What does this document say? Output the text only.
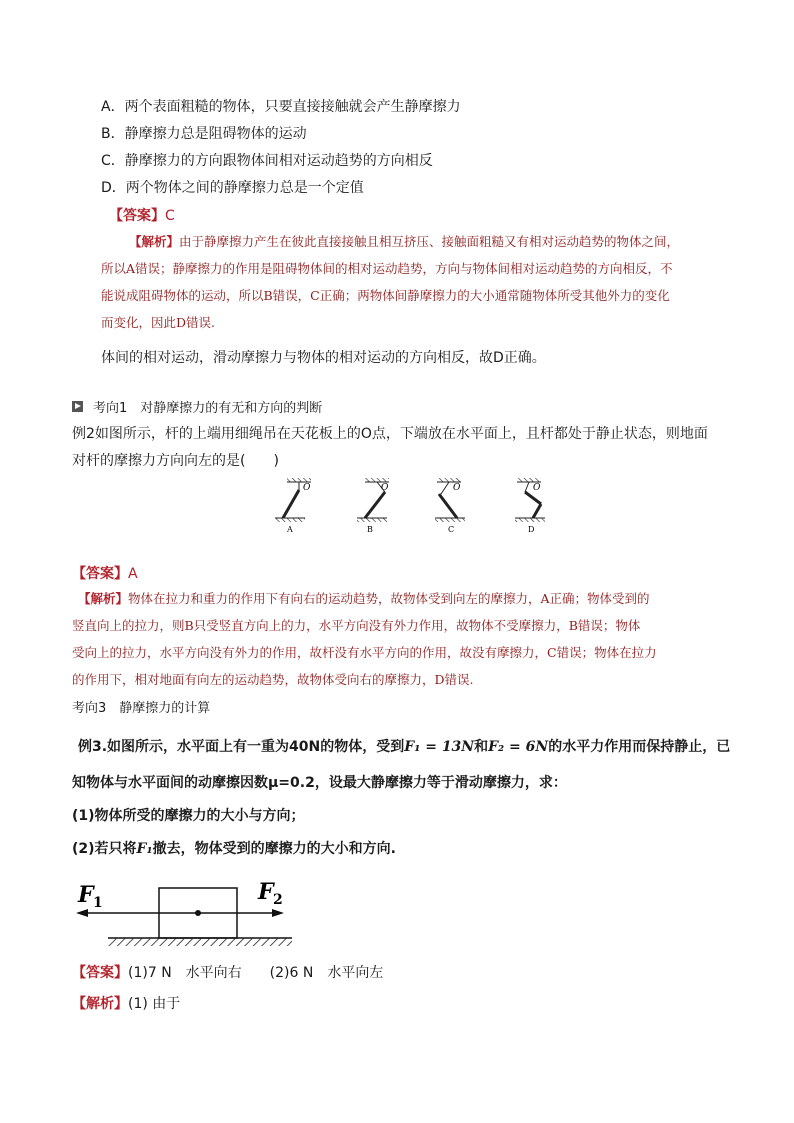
A．两个表面粗糙的物体，只要直接接触就会产生静摩擦力
B．静摩擦力总是阻碍物体的运动
C．静摩擦力的方向跟物体间相对运动趋势的方向相反
D．两个物体之间的静摩擦力总是一个定值
【答案】C
【解析】由于静摩擦力产生在彼此直接接触且相互挤压、接触面粗糙又有相对运动趋势的物体之间，
所以A错误；静摩擦力的作用是阻碍物体间的相对运动趋势，方向与物体间相对运动趋势的方向相反，不
能说成阻碍物体的运动，所以B错误，C正确；两物体间静摩擦力的大小通常随物体所受其他外力的变化
而变化，因此D错误.
体间的相对运动，滑动摩擦力与物体的相对运动的方向相反，故D正确。
考向1　对静摩擦力的有无和方向的判断
例2如图所示，杆的上端用细绳吊在天花板上的O点，下端放在水平面上，且杆都处于静止状态，则地面
对杆的摩擦力方向向左的是(　　)
O
A
O
B
O
C
O
D
【答案】A
【解析】物体在拉力和重力的作用下有向右的运动趋势，故物体受到向左的摩擦力，A正确；物体受到的
竖直向上的拉力，则B只受竖直方向上的力，水平方向没有外力作用，故物体不受摩擦力，B错误；物体
受向上的拉力，水平方向没有外力的作用，故杆没有水平方向的作用，故没有摩擦力，C错误；物体在拉力
的作用下，相对地面有向左的运动趋势，故物体受向右的摩擦力，D错误.
考向3　静摩擦力的计算
例3.如图所示，水平面上有一重为40N的物体，受到F₁ = 13N和F₂ = 6N的水平力作用而保持静止，已
知物体与水平面间的动摩擦因数μ=0.2，设最大静摩擦力等于滑动摩擦力，求：
(1)物体所受的摩擦力的大小与方向；
(2)若只将F₁撤去，物体受到的摩擦力的大小和方向.
F 1	F 2
【答案】(1)7 N　水平向右　　(2)6 N　水平向左
【解析】(1) 由于
